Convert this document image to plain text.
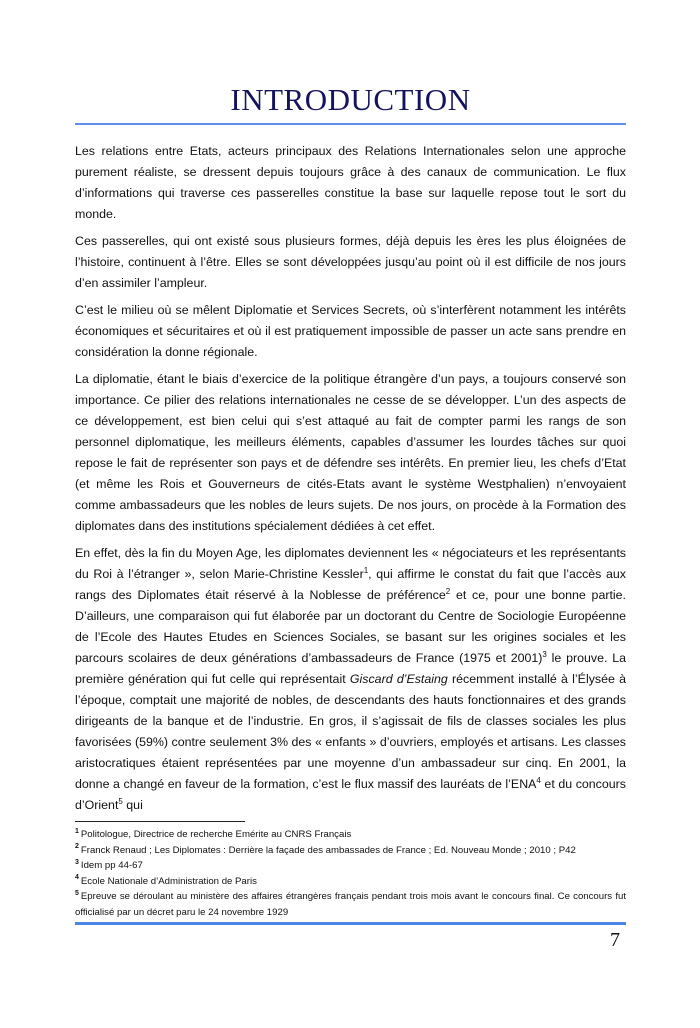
INTRODUCTION

Les relations entre Etats, acteurs principaux des Relations Internationales selon une approche purement réaliste, se dressent depuis toujours grâce à des canaux de communication. Le flux d’informations qui traverse ces passerelles constitue la base sur laquelle repose tout le sort du monde.

Ces passerelles, qui ont existé sous plusieurs formes, déjà depuis les ères les plus éloignées de l’histoire, continuent à l’être. Elles se sont développées jusqu’au point où il est difficile de nos jours d’en assimiler l’ampleur.

C’est le milieu où se mêlent Diplomatie et Services Secrets, où s’interfèrent notamment les intérêts économiques et sécuritaires et où il est pratiquement impossible de passer un acte sans prendre en considération la donne régionale.

La diplomatie, étant le biais d’exercice de la politique étrangère d’un pays, a toujours conservé son importance. Ce pilier des relations internationales ne cesse de se développer. L’un des aspects de ce développement, est bien celui qui s’est attaqué au fait de compter parmi les rangs de son personnel diplomatique, les meilleurs éléments, capables d’assumer les lourdes tâches sur quoi repose le fait de représenter son pays et de défendre ses intérêts. En premier lieu, les chefs d’Etat (et même les Rois et Gouverneurs de cités-Etats avant le système Westphalien) n’envoyaient comme ambassadeurs que les nobles de leurs sujets. De nos jours, on procède à la Formation des diplomates dans des institutions spécialement dédiées à cet effet.

En effet, dès la fin du Moyen Age, les diplomates deviennent les « négociateurs et les représentants du Roi à l’étranger », selon Marie-Christine Kessler$^1$, qui affirme le constat du fait que l’accès aux rangs des Diplomates était réservé à la Noblesse de préférence$^2$ et ce, pour une bonne partie. D’ailleurs, une comparaison qui fut élaborée par un doctorant du Centre de Sociologie Européenne de l’Ecole des Hautes Etudes en Sciences Sociales, se basant sur les origines sociales et les parcours scolaires de deux générations d’ambassadeurs de France (1975 et 2001)$^3$ le prouve. La première génération qui fut celle qui représentait Giscard d’Estaing récemment installé à l’Élysée à l’époque, comptait une majorité de nobles, de descendants des hauts fonctionnaires et des grands dirigeants de la banque et de l’industrie. En gros, il s’agissait de fils de classes sociales les plus favorisées (59%) contre seulement 3% des « enfants » d’ouvriers, employés et artisans. Les classes aristocratiques étaient représentées par une moyenne d’un ambassadeur sur cinq. En 2001, la donne a changé en faveur de la formation, c’est le flux massif des lauréats de l’ENA$^4$ et du concours d’Orient$^5$ qui

$^1$ Politologue, Directrice de recherche Emérite au CNRS Français
$^2$ Franck Renaud ; Les Diplomates : Derrière la façade des ambassades de France ; Ed. Nouveau Monde ; 2010 ; P42
$^3$ Idem pp 44-67
$^4$ Ecole Nationale d’Administration de Paris
$^5$ Epreuve se déroulant au ministère des affaires étrangères français pendant trois mois avant le concours final. Ce concours fut officialisé par un décret paru le 24 novembre 1929
7
